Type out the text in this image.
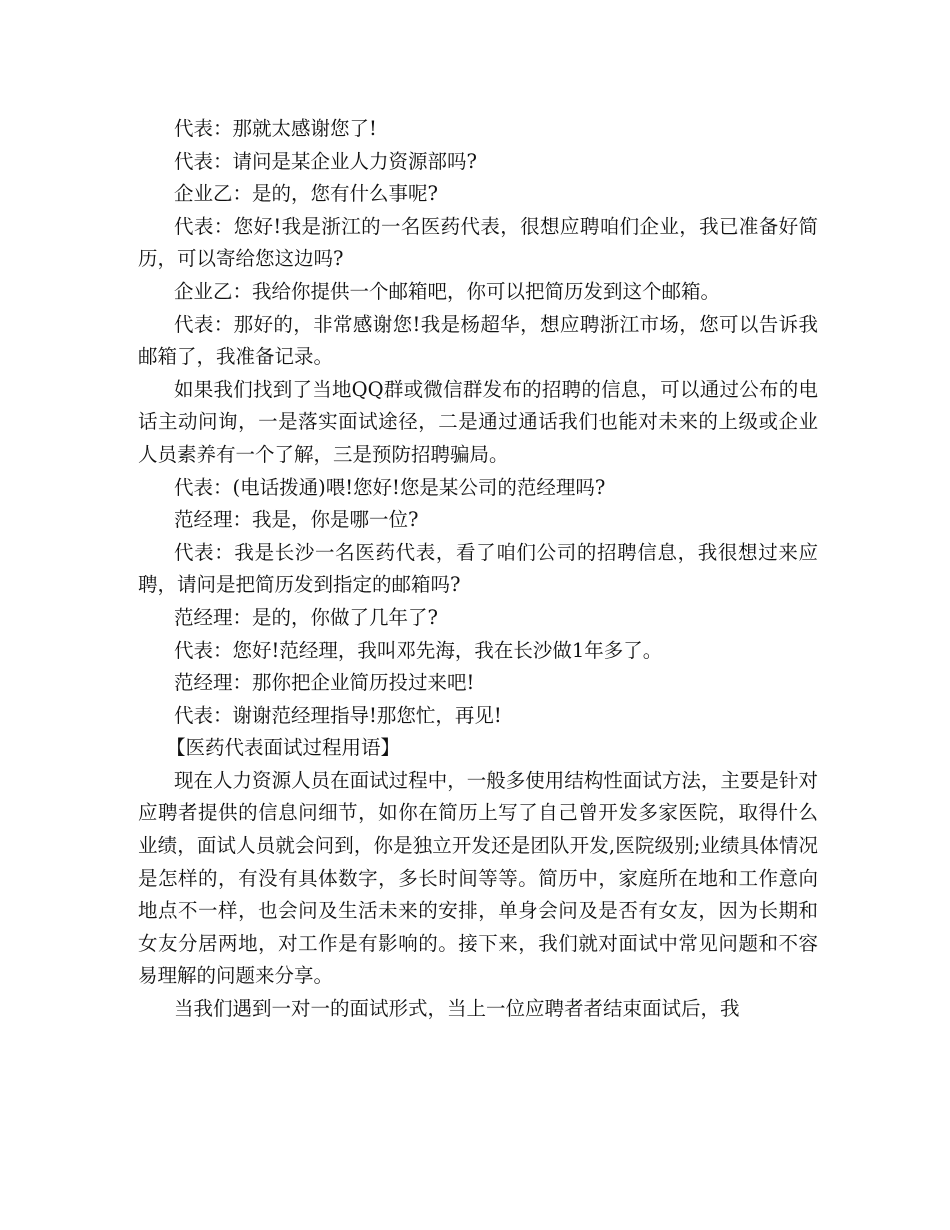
代表：那就太感谢您了!

代表：请问是某企业人力资源部吗?

企业乙：是的，您有什么事呢?

代表：您好!我是浙江的一名医药代表，很想应聘咱们企业，我已准备好简历，可以寄给您这边吗?

企业乙：我给你提供一个邮箱吧，你可以把简历发到这个邮箱。

代表：那好的，非常感谢您!我是杨超华，想应聘浙江市场，您可以告诉我邮箱了，我准备记录。

如果我们找到了当地QQ群或微信群发布的招聘的信息，可以通过公布的电话主动问询，一是落实面试途径，二是通过通话我们也能对未来的上级或企业人员素养有一个了解，三是预防招聘骗局。

代表：(电话拨通)喂!您好!您是某公司的范经理吗?

范经理：我是，你是哪一位?

代表：我是长沙一名医药代表，看了咱们公司的招聘信息，我很想过来应聘，请问是把简历发到指定的邮箱吗?

范经理：是的，你做了几年了?

代表：您好!范经理，我叫邓先海，我在长沙做1年多了。

范经理：那你把企业简历投过来吧!

代表：谢谢范经理指导!那您忙，再见!

【医药代表面试过程用语】

现在人力资源人员在面试过程中，一般多使用结构性面试方法，主要是针对应聘者提供的信息问细节，如你在简历上写了自己曾开发多家医院，取得什么业绩，面试人员就会问到，你是独立开发还是团队开发,医院级别;业绩具体情况是怎样的，有没有具体数字，多长时间等等。简历中，家庭所在地和工作意向地点不一样，也会问及生活未来的安排，单身会问及是否有女友，因为长期和女友分居两地，对工作是有影响的。接下来，我们就对面试中常见问题和不容易理解的问题来分享。

当我们遇到一对一的面试形式，当上一位应聘者者结束面试后，我
